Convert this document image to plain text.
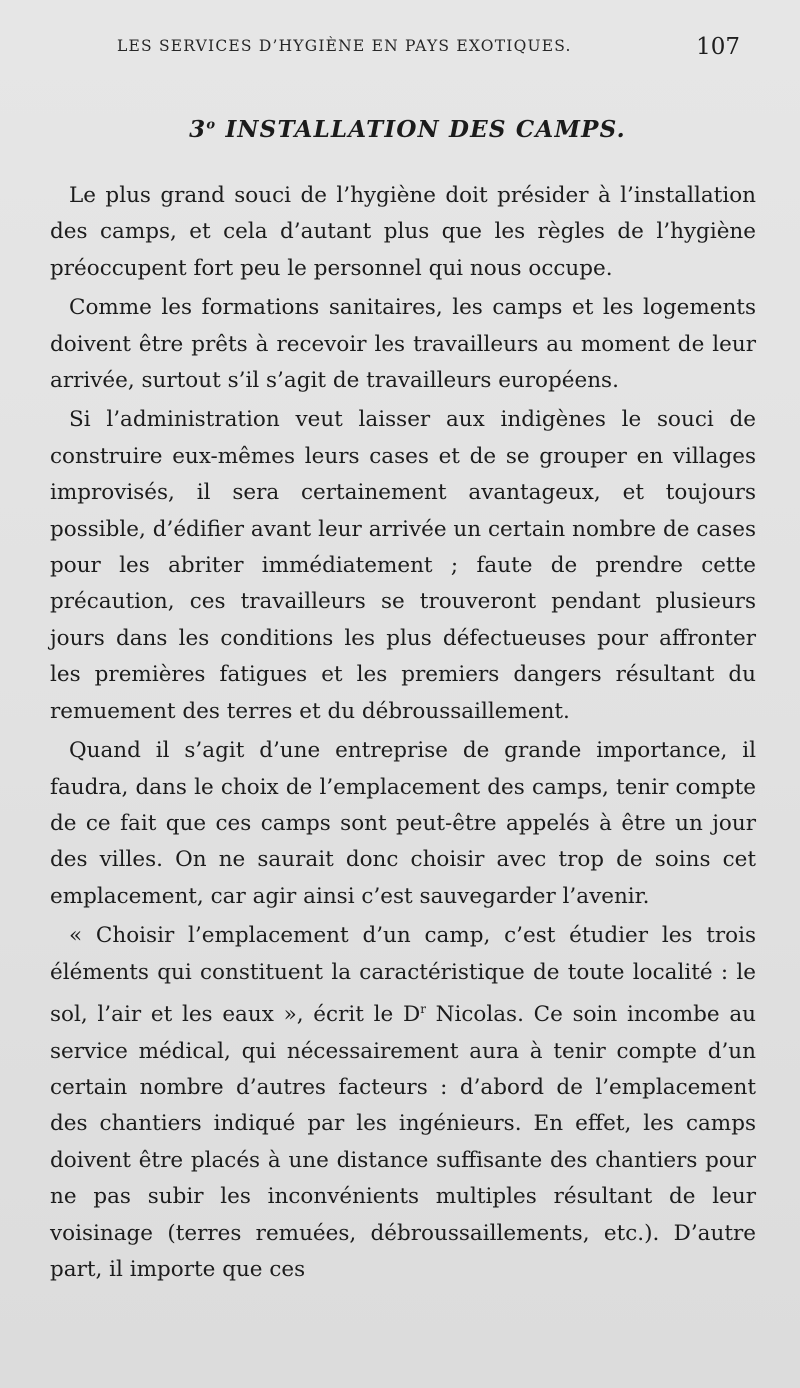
LES SERVICES D’HYGIÈNE EN PAYS EXOTIQUES.	107
3$^o$ INSTALLATION DES CAMPS.

Le plus grand souci de l’hygiène doit présider à l’installation des camps, et cela d’autant plus que les règles de l’hygiène préoccupent fort peu le personnel qui nous occupe.

Comme les formations sanitaires, les camps et les logements doivent être prêts à recevoir les travailleurs au moment de leur arrivée, surtout s’il s’agit de travailleurs européens.

Si l’administration veut laisser aux indigènes le souci de construire eux-mêmes leurs cases et de se grouper en villages improvisés, il sera certainement avantageux, et toujours possible, d’édifier avant leur arrivée un certain nombre de cases pour les abriter immédiatement ; faute de prendre cette précaution, ces travailleurs se trouveront pendant plusieurs jours dans les conditions les plus défectueuses pour affronter les premières fatigues et les premiers dangers résultant du remuement des terres et du débroussaillement.

Quand il s’agit d’une entreprise de grande importance, il faudra, dans le choix de l’emplacement des camps, tenir compte de ce fait que ces camps sont peut-être appelés à être un jour des villes. On ne saurait donc choisir avec trop de soins cet emplacement, car agir ainsi c’est sauvegarder l’avenir.

« Choisir l’emplacement d’un camp, c’est étudier les trois éléments qui constituent la caractéristique de toute localité : le sol, l’air et les eaux », écrit le $D^r$ Nicolas. Ce soin incombe au service médical, qui nécessairement aura à tenir compte d’un certain nombre d’autres facteurs : d’abord de l’emplacement des chantiers indiqué par les ingénieurs. En effet, les camps doivent être placés à une distance suffisante des chantiers pour ne pas subir les inconvénients multiples résultant de leur voisinage (terres remuées, débroussaillements, etc.). D’autre part, il importe que ces
